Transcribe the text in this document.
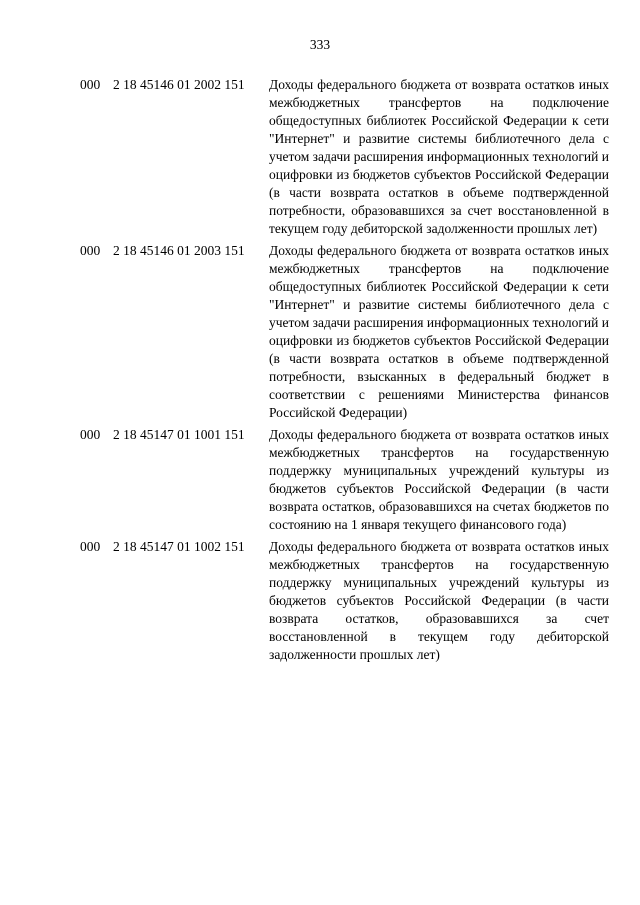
333
000 2 18 45146 01 2002 151 Доходы федерального бюджета от возврата остатков иных межбюджетных трансфертов на подключение общедоступных библиотек Российской Федерации к сети "Интернет" и развитие системы библиотечного дела с учетом задачи расширения информационных технологий и оцифровки из бюджетов субъектов Российской Федерации (в части возврата остатков в объеме подтвержденной потребности, образовавшихся за счет восстановленной в текущем году дебиторской задолженности прошлых лет)
000 2 18 45146 01 2003 151 Доходы федерального бюджета от возврата остатков иных межбюджетных трансфертов на подключение общедоступных библиотек Российской Федерации к сети "Интернет" и развитие системы библиотечного дела с учетом задачи расширения информационных технологий и оцифровки из бюджетов субъектов Российской Федерации (в части возврата остатков в объеме подтвержденной потребности, взысканных в федеральный бюджет в соответствии с решениями Министерства финансов Российской Федерации)
000 2 18 45147 01 1001 151 Доходы федерального бюджета от возврата остатков иных межбюджетных трансфертов на государственную поддержку муниципальных учреждений культуры из бюджетов субъектов Российской Федерации (в части возврата остатков, образовавшихся на счетах бюджетов по состоянию на 1 января текущего финансового года)
000 2 18 45147 01 1002 151 Доходы федерального бюджета от возврата остатков иных межбюджетных трансфертов на государственную поддержку муниципальных учреждений культуры из бюджетов субъектов Российской Федерации (в части возврата остатков, образовавшихся за счет восстановленной в текущем году дебиторской задолженности прошлых лет)
